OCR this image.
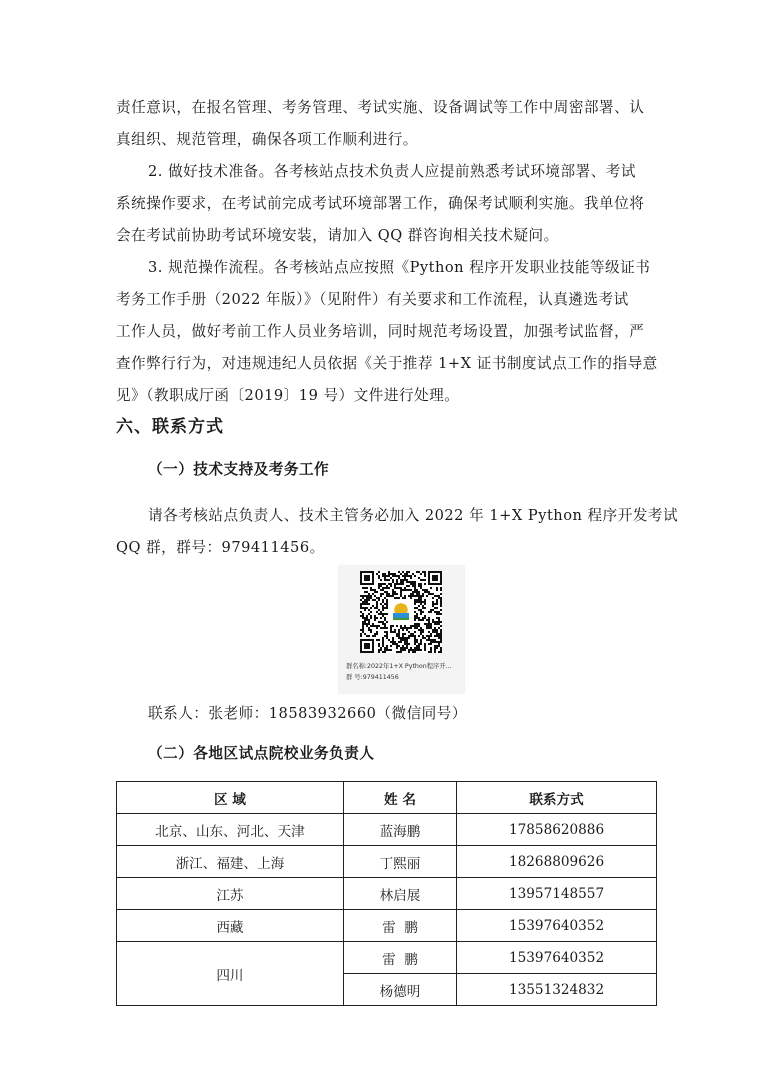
责任意识，在报名管理、考务管理、考试实施、设备调试等工作中周密部署、认
真组织、规范管理，确保各项工作顺利进行。

2. 做好技术准备。各考核站点技术负责人应提前熟悉考试环境部署、考试
系统操作要求，在考试前完成考试环境部署工作，确保考试顺利实施。我单位将
会在考试前协助考试环境安装，请加入 QQ 群咨询相关技术疑问。

3. 规范操作流程。各考核站点应按照《Python 程序开发职业技能等级证书
考务工作手册（2022 年版）》（见附件）有关要求和工作流程，认真遴选考试
工作人员，做好考前工作人员业务培训，同时规范考场设置，加强考试监督，严
查作弊行行为，对违规违纪人员依据《关于推荐 1+X 证书制度试点工作的指导意
见》（教职成厅函〔2019〕19 号）文件进行处理。

六、联系方式
（一）技术支持及考务工作

请各考核站点负责人、技术主管务必加入 2022 年 1+X Python 程序开发考试
QQ 群，群号：979411456。

群名称:2022年1+X Python程序开...
群 号:979411456
联系人：张老师：18583932660（微信同号）
（二）各地区试点院校业务负责人
区 域	姓 名	联系方式
北京、山东、河北、天津	蓝海鹏	17858620886
浙江、福建、上海	丁熙丽	18268809626
江苏	林启展	13957148557
西藏	雷  鹏	15397640352
四川	雷  鹏	15397640352
	杨德明	13551324832
